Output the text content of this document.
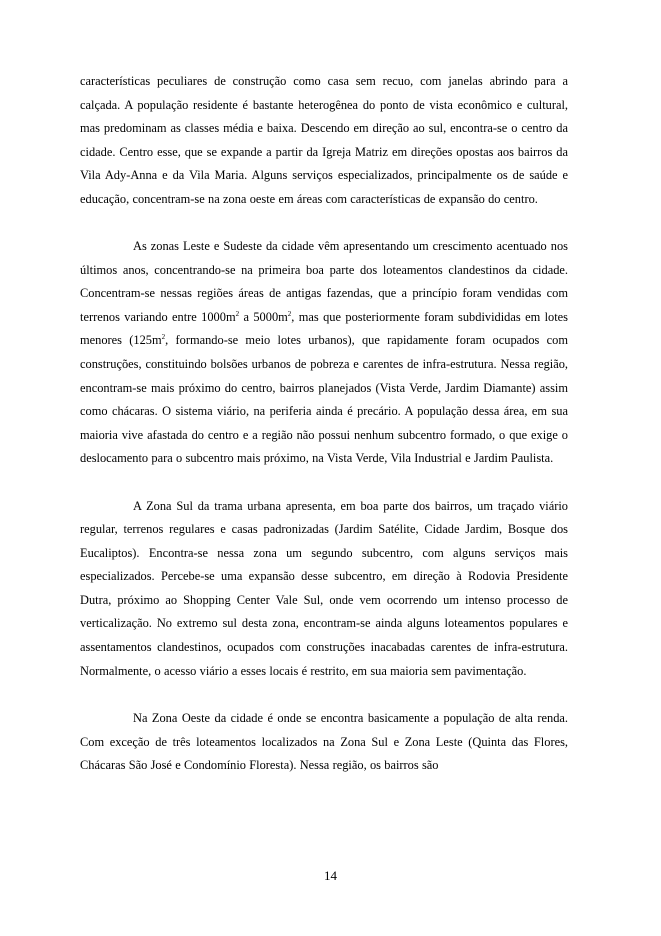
características peculiares de construção como casa sem recuo, com janelas abrindo para a calçada. A população residente é bastante heterogênea do ponto de vista econômico e cultural, mas predominam as classes média e baixa. Descendo em direção ao sul, encontra-se o centro da cidade. Centro esse, que se expande a partir da Igreja Matriz em direções opostas aos bairros da Vila Ady-Anna e da Vila Maria. Alguns serviços especializados, principalmente os de saúde e educação, concentram-se na zona oeste em áreas com características de expansão do centro.

As zonas Leste e Sudeste da cidade vêm apresentando um crescimento acentuado nos últimos anos, concentrando-se na primeira boa parte dos loteamentos clandestinos da cidade. Concentram-se nessas regiões áreas de antigas fazendas, que a princípio foram vendidas com terrenos variando entre $1000m^2$ a $5000m^2$, mas que posteriormente foram subdivididas em lotes menores ($125m^2$, formando-se meio lotes urbanos), que rapidamente foram ocupados com construções, constituindo bolsões urbanos de pobreza e carentes de infra-estrutura. Nessa região, encontram-se mais próximo do centro, bairros planejados (Vista Verde, Jardim Diamante) assim como chácaras. O sistema viário, na periferia ainda é precário. A população dessa área, em sua maioria vive afastada do centro e a região não possui nenhum subcentro formado, o que exige o deslocamento para o subcentro mais próximo, na Vista Verde, Vila Industrial e Jardim Paulista.

A Zona Sul da trama urbana apresenta, em boa parte dos bairros, um traçado viário regular, terrenos regulares e casas padronizadas (Jardim Satélite, Cidade Jardim, Bosque dos Eucaliptos). Encontra-se nessa zona um segundo subcentro, com alguns serviços mais especializados. Percebe-se uma expansão desse subcentro, em direção à Rodovia Presidente Dutra, próximo ao Shopping Center Vale Sul, onde vem ocorrendo um intenso processo de verticalização. No extremo sul desta zona, encontram-se ainda alguns loteamentos populares e assentamentos clandestinos, ocupados com construções inacabadas carentes de infra-estrutura. Normalmente, o acesso viário a esses locais é restrito, em sua maioria sem pavimentação.

Na Zona Oeste da cidade é onde se encontra basicamente a população de alta renda. Com exceção de três loteamentos localizados na Zona Sul e Zona Leste (Quinta das Flores, Chácaras São José e Condomínio Floresta). Nessa região, os bairros são

14
